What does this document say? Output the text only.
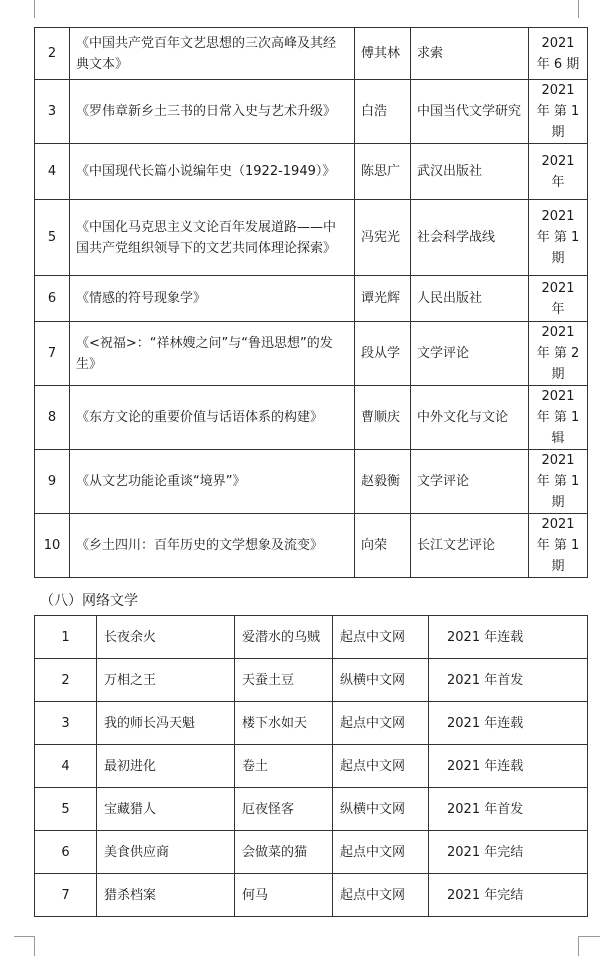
2	《中国共产党百年文艺思想的三次高峰及其经典文本》	傅其林	求索	2021 年 6 期
3	《罗伟章新乡土三书的日常入史与艺术升级》	白浩	中国当代文学研究	2021 年 第 1 期
4	《中国现代长篇小说编年史（1922-1949）》	陈思广	武汉出版社	2021 年
5	《中国化马克思主义文论百年发展道路——中国共产党组织领导下的文艺共同体理论探索》	冯宪光	社会科学战线	2021 年 第 1 期
6	《情感的符号现象学》	谭光辉	人民出版社	2021 年
7	《<祝福>：“祥林嫂之问”与“鲁迅思想”的发生》	段从学	文学评论	2021 年 第 2 期
8	《东方文论的重要价值与话语体系的构建》	曹顺庆	中外文化与文论	2021 年 第 1 辑
9	《从文艺功能论重谈“境界”》	赵毅衡	文学评论	2021 年 第 1 期
10	《乡土四川：百年历史的文学想象及流变》	向荣	长江文艺评论	2021 年 第 1 期
（八）网络文学
1	长夜余火	爱潜水的乌贼	起点中文网	2021 年连载
2	万相之王	天蚕土豆	纵横中文网	2021 年首发
3	我的师长冯天魁	楼下水如天	起点中文网	2021 年连载
4	最初进化	卷土	起点中文网	2021 年连载
5	宝藏猎人	厄夜怪客	纵横中文网	2021 年首发
6	美食供应商	会做菜的猫	起点中文网	2021 年完结
7	猎杀档案	何马	起点中文网	2021 年完结
